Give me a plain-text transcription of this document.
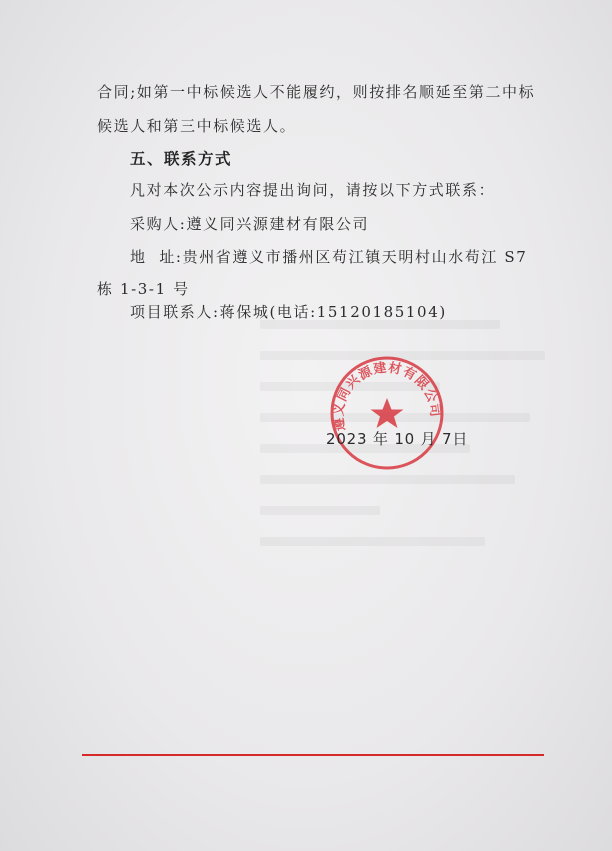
合同;如第一中标候选人不能履约，则按排名顺延至第二中标
候选人和第三中标候选人。
五、联系方式
凡对本次公示内容提出询问，请按以下方式联系：
采购人:遵义同兴源建材有限公司
地  址:贵州省遵义市播州区苟江镇天明村山水苟江 S7
栋 1-3-1 号
项目联系人:蒋保城(电话:15120185104)
遵义同兴源建材有限公司
2023 年 10 月 7日
